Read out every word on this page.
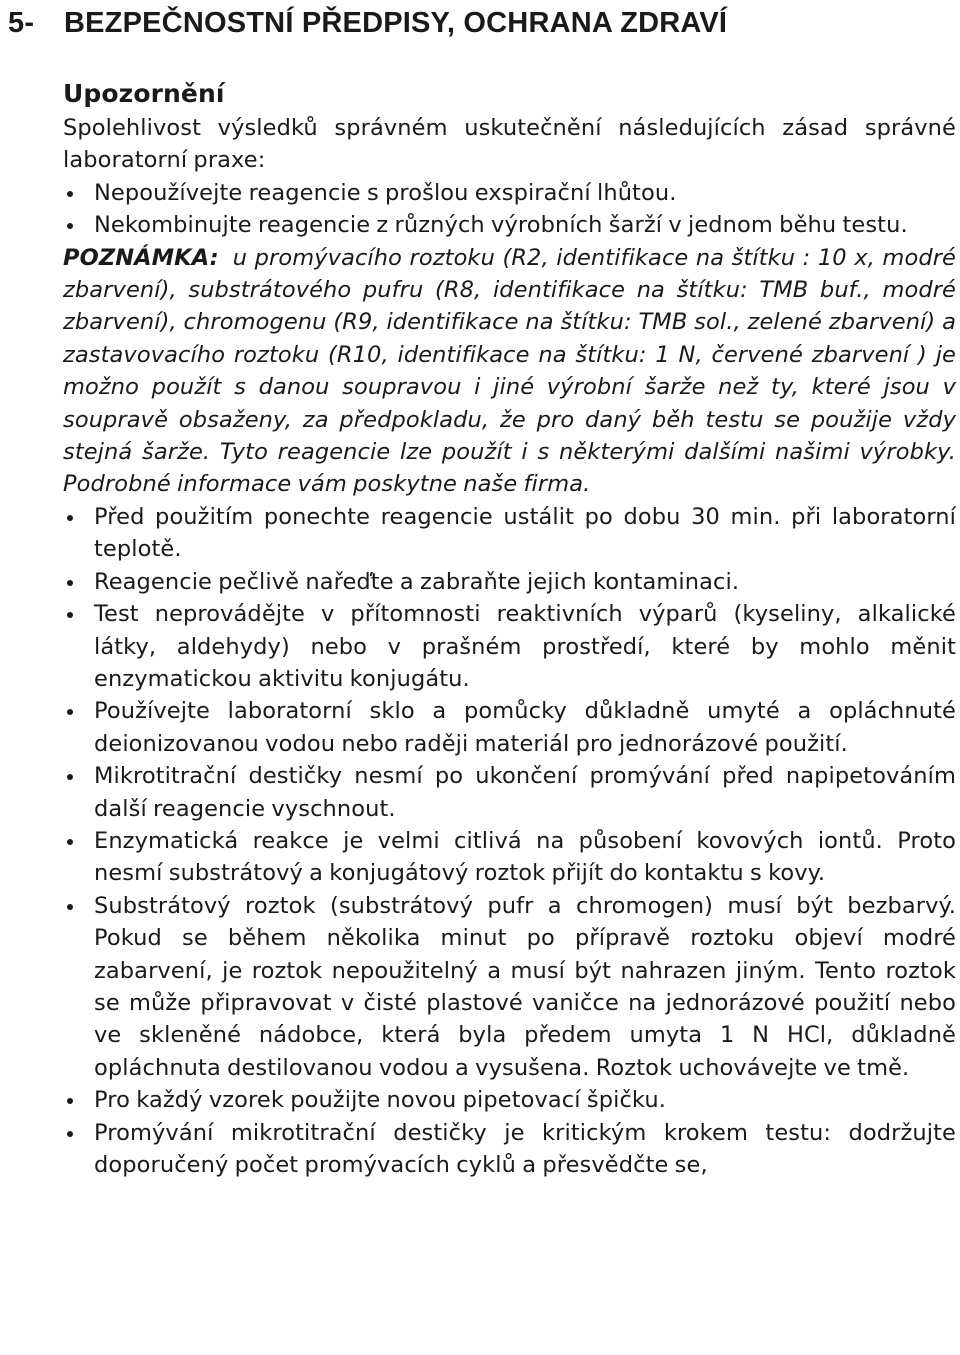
5- BEZPEČNOSTNÍ PŘEDPISY, OCHRANA ZDRAVÍ
Upozornění

Spolehlivost výsledků správném uskutečnění následujících zásad správné laboratorní praxe:

Nepoužívejte reagencie s prošlou exspirační lhůtou.
Nekombinujte reagencie z různých výrobních šarží v jednom běhu testu.

POZNÁMKA: u promývacího roztoku (R2, identifikace na štítku : 10 x, modré zbarvení), substrátového pufru (R8, identifikace na štítku: TMB buf., modré zbarvení), chromogenu (R9, identifikace na štítku: TMB sol., zelené zbarvení) a zastavovacího roztoku (R10, identifikace na štítku: 1 N, červené zbarvení ) je možno použít s danou soupravou i jiné výrobní šarže než ty, které jsou v soupravě obsaženy, za předpokladu, že pro daný běh testu se použije vždy stejná šarže. Tyto reagencie lze použít i s některými dalšími našimi výrobky. Podrobné informace vám poskytne naše firma.

Před použitím ponechte reagencie ustálit po dobu 30 min. při laboratorní teplotě.
Reagencie pečlivě nařeďte a zabraňte jejich kontaminaci.
Test neprovádějte v přítomnosti reaktivních výparů (kyseliny, alkalické látky, aldehydy) nebo v prašném prostředí, které by mohlo měnit enzymatickou aktivitu konjugátu.
Používejte laboratorní sklo a pomůcky důkladně umyté a opláchnuté deionizovanou vodou nebo raději materiál pro jednorázové použití.
Mikrotitrační destičky nesmí po ukončení promývání před napipetováním další reagencie vyschnout.
Enzymatická reakce je velmi citlivá na působení kovových iontů. Proto nesmí substrátový a konjugátový roztok přijít do kontaktu s kovy.
Substrátový roztok (substrátový pufr a chromogen) musí být bezbarvý. Pokud se během několika minut po přípravě roztoku objeví modré zabarvení, je roztok nepoužitelný a musí být nahrazen jiným. Tento roztok se může připravovat v čisté plastové vaničce na jednorázové použití nebo ve skleněné nádobce, která byla předem umyta 1 N HCl, důkladně opláchnuta destilovanou vodou a vysušena. Roztok uchovávejte ve tmě.
Pro každý vzorek použijte novou pipetovací špičku.
Promývání mikrotitrační destičky je kritickým krokem testu: dodržujte doporučený počet promývacích cyklů a přesvědčte se,
